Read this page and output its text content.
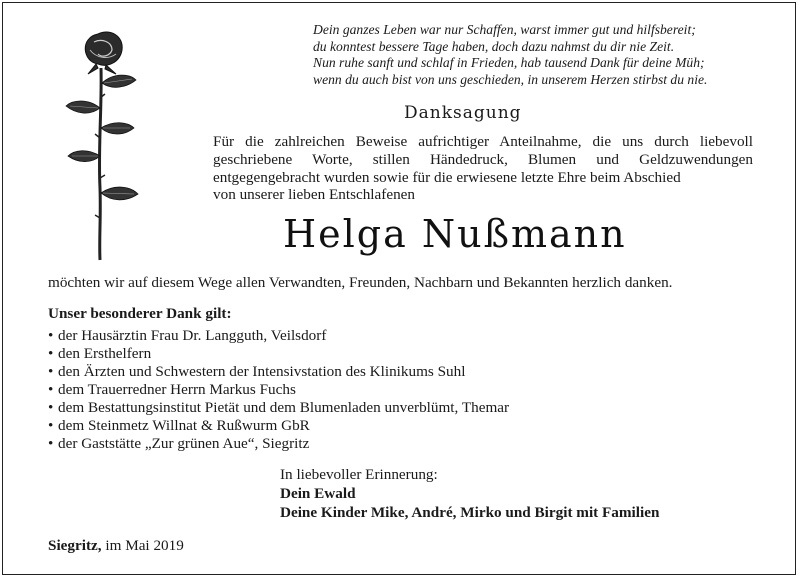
Dein ganzes Leben war nur Schaffen, warst immer gut und hilfsbereit;
du konntest bessere Tage haben, doch dazu nahmst du dir nie Zeit.
Nun ruhe sanft und schlaf in Frieden, hab tausend Dank für deine Müh;
wenn du auch bist von uns geschieden, in unserem Herzen stirbst du nie.
Danksagung
Für die zahlreichen Beweise aufrichtiger Anteilnahme, die uns durch liebevoll geschriebene Worte, stillen Händedruck, Blumen und Geldzuwendungen entgegengebracht wurden sowie für die erwiesene letzte Ehre beim Abschied
von unserer lieben Entschlafenen
Helga Nußmann
möchten wir auf diesem Wege allen Verwandten, Freunden, Nachbarn und Bekannten herzlich danken.
Unser besonderer Dank gilt:
• der Hausärztin Frau Dr. Langguth, Veilsdorf
• den Ersthelfern
• den Ärzten und Schwestern der Intensivstation des Klinikums Suhl
• dem Trauerredner Herrn Markus Fuchs
• dem Bestattungsinstitut Pietät und dem Blumenladen unverblümt, Themar
• dem Steinmetz Willnat & Rußwurm GbR
• der Gaststätte „Zur grünen Aue“, Siegritz
In liebevoller Erinnerung:
Dein Ewald
Deine Kinder Mike, André, Mirko und Birgit mit Familien
Siegritz, im Mai 2019
